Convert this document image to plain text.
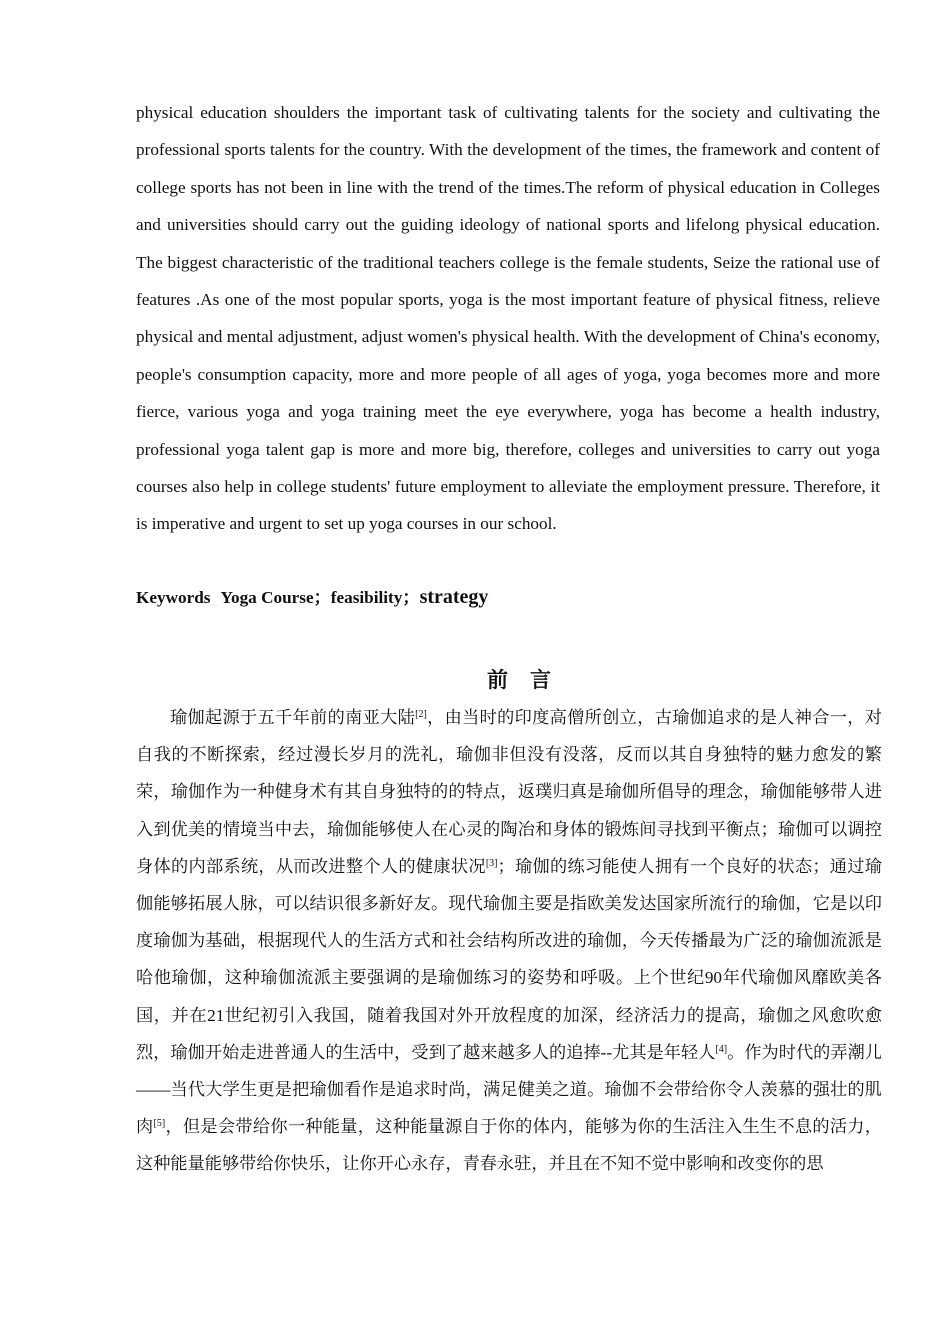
physical education shoulders the important task of cultivating talents for the society and cultivating the professional sports talents for the country. With the development of the times, the framework and content of college sports has not been in line with the trend of the times.The reform of physical education in Colleges and universities should carry out the guiding ideology of national sports and lifelong physical education. The biggest characteristic of the traditional teachers college is the female students, Seize the rational use of features .As one of the most popular sports, yoga is the most important feature of physical fitness, relieve physical and mental adjustment, adjust women's physical health. With the development of China's economy, people's consumption capacity, more and more people of all ages of yoga, yoga becomes more and more fierce, various yoga and yoga training meet the eye everywhere, yoga has become a health industry, professional yoga talent gap is more and more big, therefore, colleges and universities to carry out yoga courses also help in college students' future employment to alleviate the employment pressure. Therefore, it is imperative and urgent to set up yoga courses in our school.

Keywords Yoga Course；feasibility；strategy
前言

瑜伽起源于五千年前的南亚大陆[2]，由当时的印度高僧所创立，古瑜伽追求的是人神合一，对自我的不断探索，经过漫长岁月的洗礼，瑜伽非但没有没落，反而以其自身独特的魅力愈发的繁荣，瑜伽作为一种健身术有其自身独特的的特点，返璞归真是瑜伽所倡导的理念，瑜伽能够带人进入到优美的情境当中去，瑜伽能够使人在心灵的陶冶和身体的锻炼间寻找到平衡点；瑜伽可以调控身体的内部系统，从而改进整个人的健康状况[3]；瑜伽的练习能使人拥有一个良好的状态；通过瑜伽能够拓展人脉，可以结识很多新好友。现代瑜伽主要是指欧美发达国家所流行的瑜伽，它是以印度瑜伽为基础，根据现代人的生活方式和社会结构所改进的瑜伽，今天传播最为广泛的瑜伽流派是哈他瑜伽，这种瑜伽流派主要强调的是瑜伽练习的姿势和呼吸。上个世纪90年代瑜伽风靡欧美各国，并在21世纪初引入我国，随着我国对外开放程度的加深，经济活力的提高，瑜伽之风愈吹愈烈，瑜伽开始走进普通人的生活中，受到了越来越多人的追捧--尤其是年轻人[4]。作为时代的弄潮儿——当代大学生更是把瑜伽看作是追求时尚，满足健美之道。瑜伽不会带给你令人羡慕的强壮的肌肉[5]，但是会带给你一种能量，这种能量源自于你的体内，能够为你的生活注入生生不息的活力，这种能量能够带给你快乐，让你开心永存，青春永驻，并且在不知不觉中影响和改变你的思
